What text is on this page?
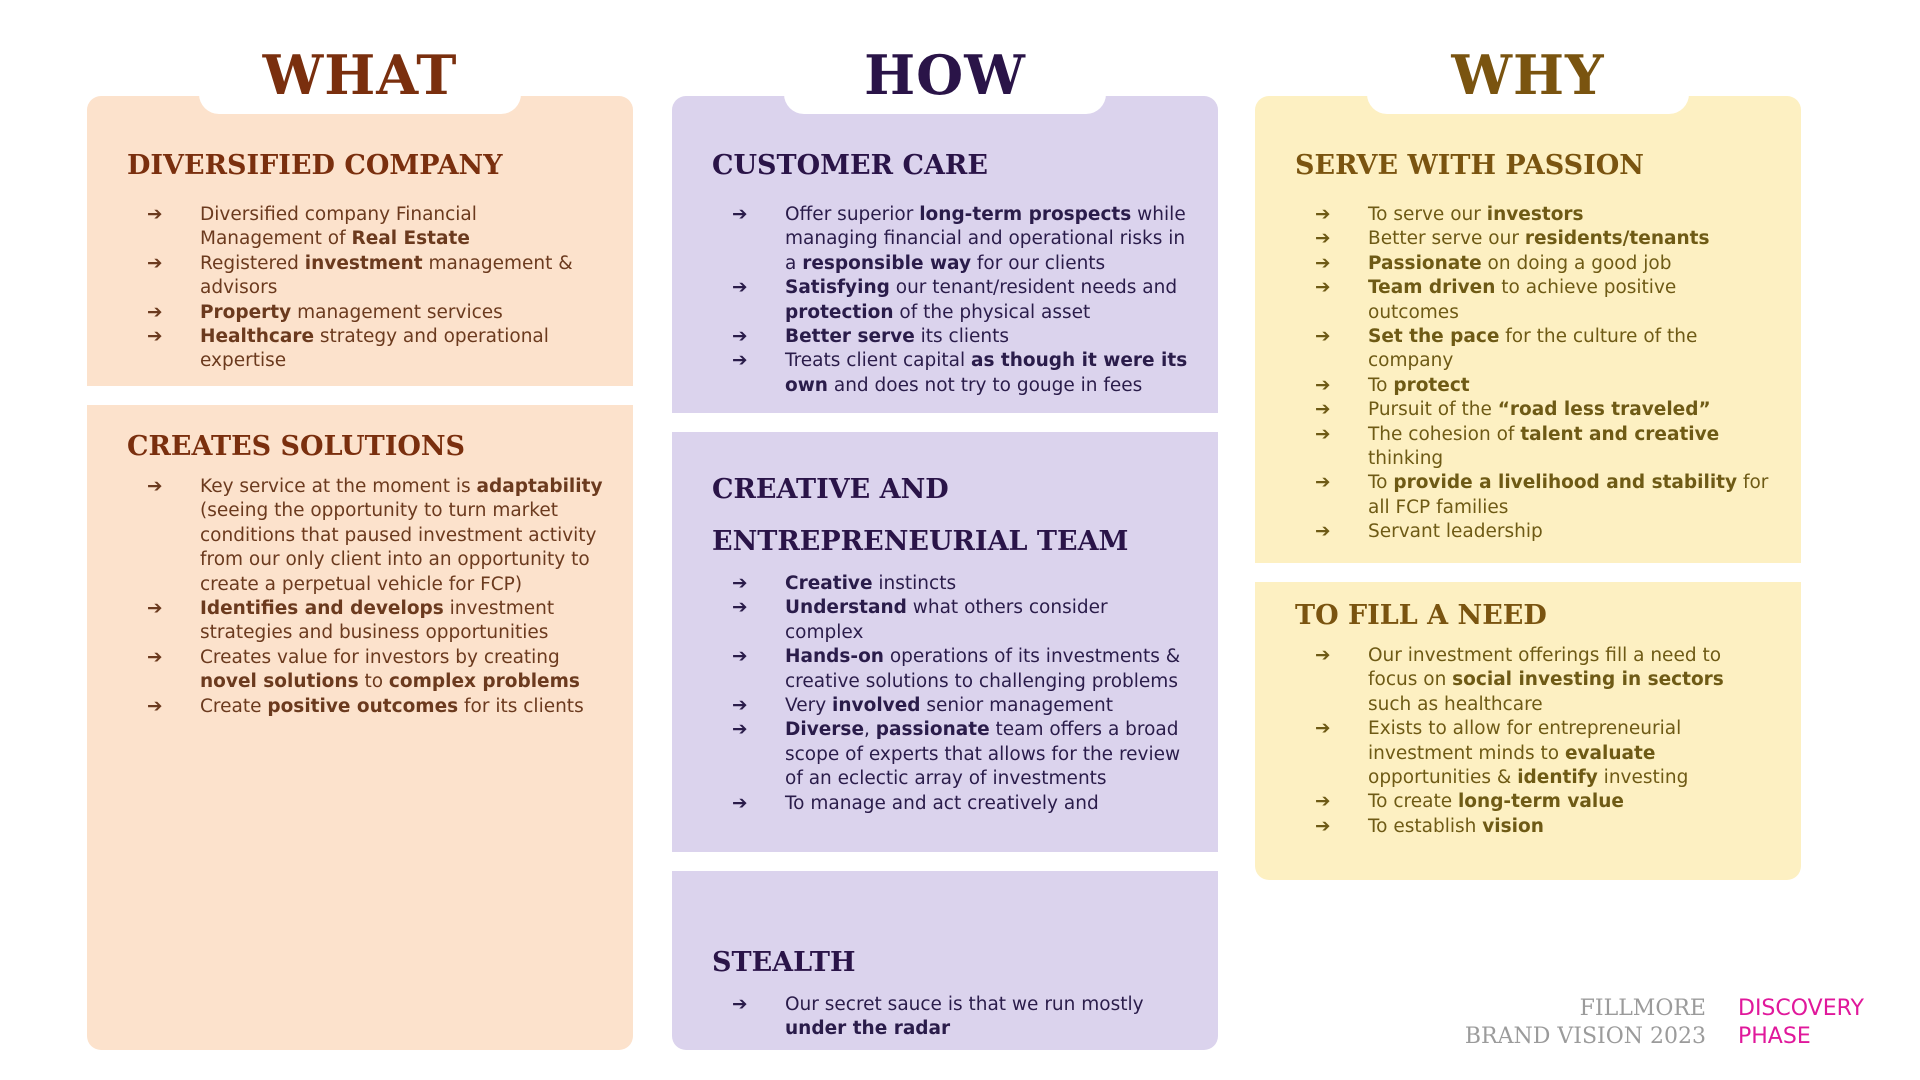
WHAT
DIVERSIFIED COMPANY
➔ Diversified company Financial Management of Real Estate
➔ Registered investment management & advisors
➔ Property management services
➔ Healthcare strategy and operational expertise
CREATES SOLUTIONS
➔ Key service at the moment is adaptability (seeing the opportunity to turn market conditions that paused investment activity from our only client into an opportunity to create a perpetual vehicle for FCP)
➔ Identifies and develops investment strategies and business opportunities
➔ Creates value for investors by creating novel solutions to complex problems
➔ Create positive outcomes for its clients
HOW
CUSTOMER CARE
➔ Offer superior long-term prospects while managing financial and operational risks in a responsible way for our clients
➔ Satisfying our tenant/resident needs and protection of the physical asset
➔ Better serve its clients
➔ Treats client capital as though it were its own and does not try to gouge in fees
CREATIVE AND ENTREPRENEURIAL TEAM
➔ Creative instincts
➔ Understand what others consider complex
➔ Hands-on operations of its investments & creative solutions to challenging problems
➔ Very involved senior management
➔ Diverse, passionate team offers a broad scope of experts that allows for the review of an eclectic array of investments
➔ To manage and act creatively and
STEALTH
➔ Our secret sauce is that we run mostly under the radar
WHY
SERVE WITH PASSION
➔ To serve our investors
➔ Better serve our residents/tenants
➔ Passionate on doing a good job
➔ Team driven to achieve positive outcomes
➔ Set the pace for the culture of the company
➔ To protect
➔ Pursuit of the “road less traveled”
➔ The cohesion of talent and creative thinking
➔ To provide a livelihood and stability for all FCP families
➔ Servant leadership
TO FILL A NEED
➔ Our investment offerings fill a need to focus on social investing in sectors such as healthcare
➔ Exists to allow for entrepreneurial investment minds to evaluate opportunities & identify investing
➔ To create long-term value
➔ To establish vision
FILLMORE
BRAND VISION 2023
DISCOVERY
PHASE
